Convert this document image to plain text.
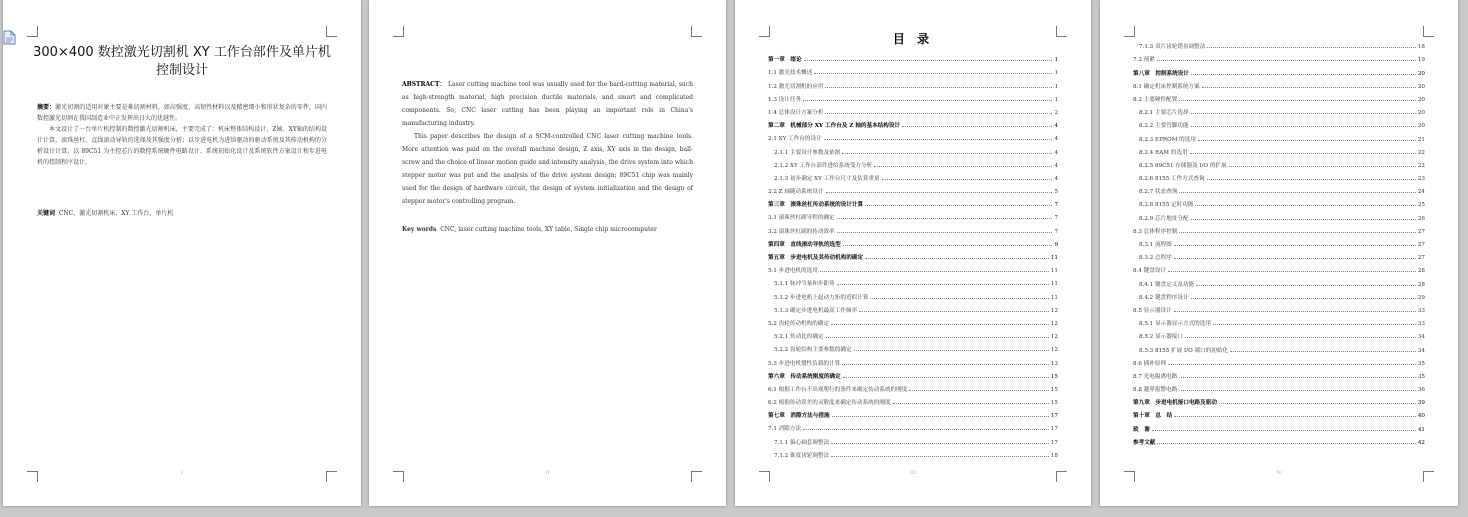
300×400 数控激光切割机 XY 工作台部件及单片机
控制设计
摘要：激光切割的适用对象主要是难切割材料，如高强度、高韧性材料以及精密细小和形状复杂的零件，国内数控激光切割在我国制造业中正发挥出日大的优越性。
本文设计了一台单片机控制的数控激光切割机床，主要完成了：机床整体结构设计，Z轴、XY轴的结构设计计算，滚珠丝杠、直线滚动导轨的选择及其强度分析；以步进电机为进给驱动的驱动系统及其传动机构的分析设计计算，以 89C51 为主控芯片的数控系统硬件电路设计、系统初始化设计及系统软件方案设计和步进电机的控制程序设计。
关键词 CNC，激光切割机床，XY 工作台，单片机
I
ABSTRACT： Laser cutting machine tool was usually used for the hard-cutting material, such as high-strength material, high precision ductile materials, and smart and complicated components. So, CNC laser cutting has been playing an important role in China's manufacturing industry.
This paper describes the design of a SCM-controlled CNC laser cutting machine tools. More attention was paid on the overall machine design, Z axis, XY axis in the design, ball-screw and the choice of linear motion guide and intensity analysis, the drive system into which stepper motor was put and the analysis of the drive system design; 89C51 chip was mainly used for the design of hardware circuit, the design of system initialization and the design of stepper motor's controlling program.
Key words CNC, laser cutting machine tools, XY table, Single chip microcomputer
II
目 录
第一章　绪论	1
1.1 激光技术概述	1
1.2 激光切割机的应用	1
1.3 设计任务	1
1.4 总体设计方案分析	2
第二章　机械部分 XY 工作台及 Z 轴的基本结构设计	4
2.1 XY 工作台的设计	4
2.1.1 主要设计参数及依据	4
2.1.2 XY 工作台部件进给系统受力分析	4
2.1.3 初步确定 XY 工作台尺寸及估算重量	4
2.2 Z 轴随动系统设计	5
第三章　滚珠丝杠传动系统的设计计算	7
3.1 滚珠丝杠副导程的确定	7
3.2 滚珠丝杠副的传动效率	7
第四章　直线滚动导轨的选型	9
第五章　步进电机及其传动机构的确定	11
5.1 步进电机的选用	11
5.1.1 脉冲当量和步距角	11
5.1.2 步进电机上起动力矩的近似计算	11
5.1.3 确定步进电机最高工作频率	12
5.2 齿轮传动机构的确定	12
5.2.1 传动比的确定	12
5.2.2 齿轮结构主要参数的确定	12
5.3 步进电机惯性负载的计算	13
第六章　传动系统刚度的确定	15
6.1 根据工作台不出现爬行的条件来确定传动系统的刚度	15
6.2 根据传动误差的灵敏度来确定传动系统的刚度	15
第七章　消隙方法与措施	17
7.1 消隙方法	17
7.1.1 偏心轴套调整法	17
7.1.2 锥度齿轮调整法	18
III
7.1.3 双片齿轮错齿调整法	18
7.2 预紧	19
第八章　控制系统设计	20
8.1 确定机床控制系统方案	20
8.2 主要硬件配置	20
8.2.1 主要芯片选择	20
8.2.2 主要管脚功能	20
8.2.3 EPROM 的选用	21
8.2.4 RAM 的选用	22
8.2.5 89C51 存储器及 I/O 的扩展	22
8.2.6 8155 工作方式查询	23
8.2.7 状态查询	24
8.2.8 8155 定时功能	25
8.2.9 芯片地址分配	26
8.3 总体程序控制	27
8.3.1 流程图	27
8.3.2 总程序	27
8.4 键盘设计	28
8.4.1 键盘定义及功能	28
8.4.2 键盘程序设计	29
8.5 显示器设计	33
8.5.1 显示器显示方式的选用	33
8.5.2 显示器接口	34
8.5.3 8155 扩展 I/O 端口的初始化	34
8.6 插补原理	35
8.7 光电隔离电路	35
8.8 越界报警电路	36
第九章　步进电机接口电路及驱动	39
第十章　总　结	40
致　谢	41
参考文献	42
IV
